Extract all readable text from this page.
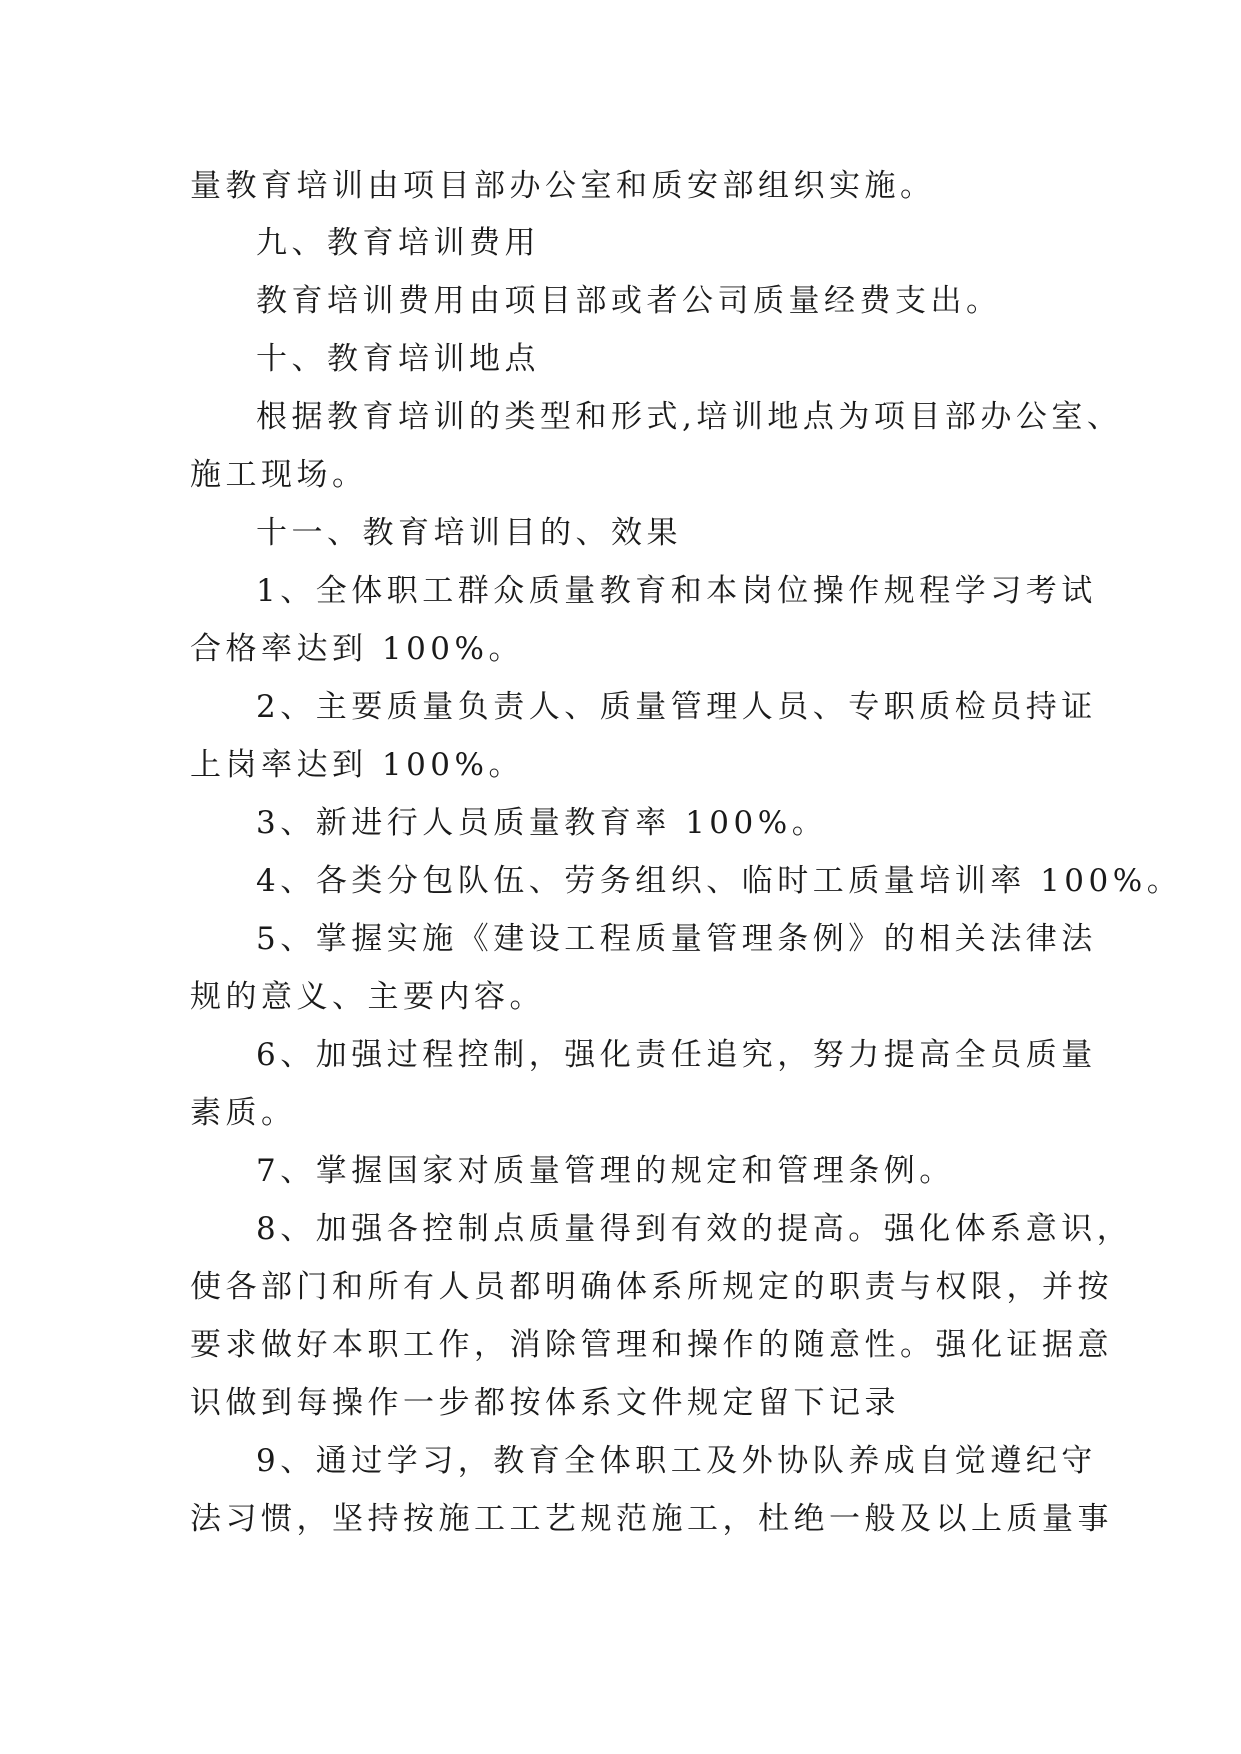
量教育培训由项目部办公室和质安部组织实施。
九、教育培训费用
教育培训费用由项目部或者公司质量经费支出。
十、教育培训地点
根据教育培训的类型和形式,培训地点为项目部办公室、
施工现场。
十一、教育培训目的、效果
1、全体职工群众质量教育和本岗位操作规程学习考试
合格率达到 100%。
2、主要质量负责人、质量管理人员、专职质检员持证
上岗率达到 100%。
3、新进行人员质量教育率 100%。
4、各类分包队伍、劳务组织、临时工质量培训率 100%。
5、掌握实施《建设工程质量管理条例》的相关法律法
规的意义、主要内容。
6、加强过程控制，强化责任追究，努力提高全员质量
素质。
7、掌握国家对质量管理的规定和管理条例。
8、加强各控制点质量得到有效的提高。强化体系意识，
使各部门和所有人员都明确体系所规定的职责与权限，并按
要求做好本职工作，消除管理和操作的随意性。强化证据意
识做到每操作一步都按体系文件规定留下记录
9、通过学习，教育全体职工及外协队养成自觉遵纪守
法习惯，坚持按施工工艺规范施工，杜绝一般及以上质量事
